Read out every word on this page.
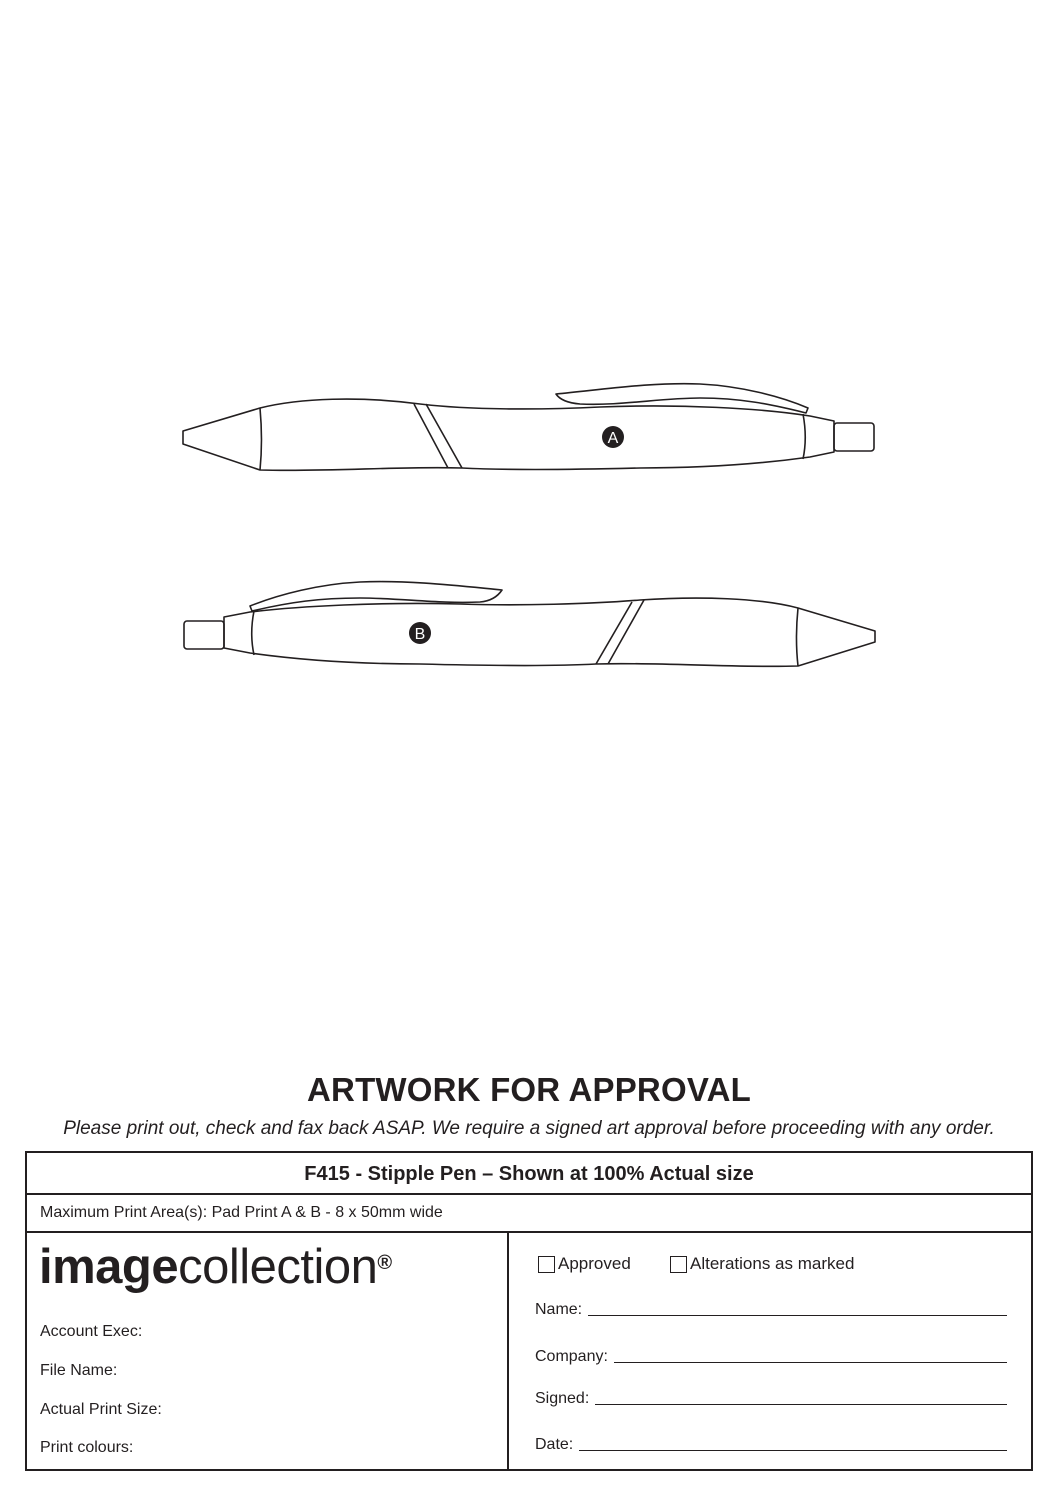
A
B
ARTWORK FOR APPROVAL

Please print out, check and fax back ASAP. We require a signed art approval before proceeding with any order.

F415 - Stipple Pen – Shown at 100% Actual size
Maximum Print Area(s): Pad Print A & B - 8 x 50mm wide
imagecollection®
Account Exec:
File Name:
Actual Print Size:
Print colours:
Approved	Alterations as marked
Name:
Company:
Signed:
Date:
